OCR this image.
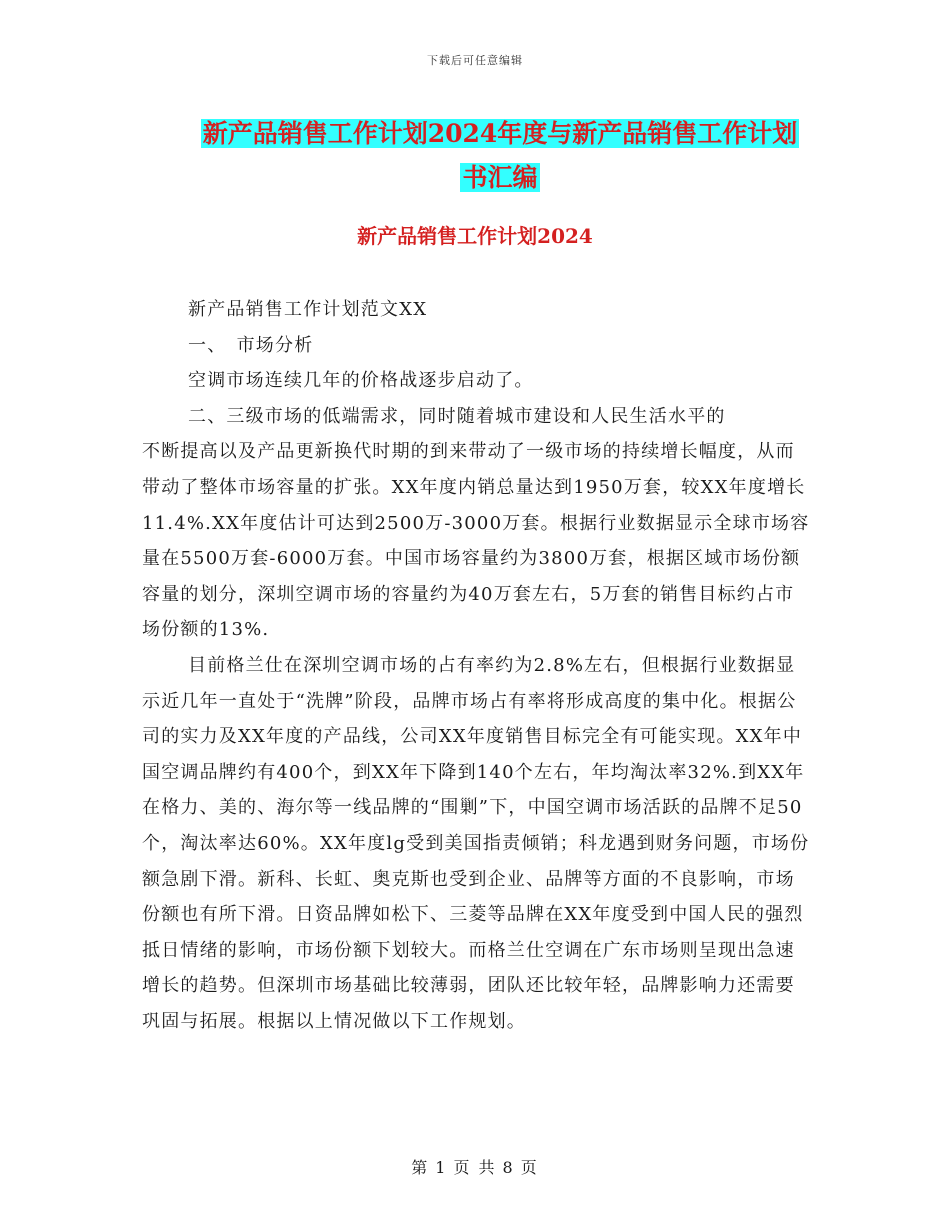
下载后可任意编辑
新产品销售工作计划2024年度与新产品销售工作计划
书汇编
新产品销售工作计划2024

新产品销售工作计划范文XX

一、　市场分析

空调市场连续几年的价格战逐步启动了。

二、三级市场的低端需求，同时随着城市建设和人民生活水平的

不断提高以及产品更新换代时期的到来带动了一级市场的持续增长幅度，从而带动了整体市场容量的扩张。XX年度内销总量达到1950万套，较XX年度增长11.4%.XX年度估计可达到2500万-3000万套。根据行业数据显示全球市场容量在5500万套-6000万套。中国市场容量约为3800万套，根据区域市场份额容量的划分，深圳空调市场的容量约为40万套左右，5万套的销售目标约占市场份额的13%.

目前格兰仕在深圳空调市场的占有率约为2.8%左右，但根据行业数据显示近几年一直处于“洗牌”阶段，品牌市场占有率将形成高度的集中化。根据公司的实力及XX年度的产品线，公司XX年度销售目标完全有可能实现。XX年中国空调品牌约有400个，到XX年下降到140个左右，年均淘汰率32%.到XX年在格力、美的、海尔等一线品牌的“围剿”下，中国空调市场活跃的品牌不足50个，淘汰率达60%。XX年度lg受到美国指责倾销；科龙遇到财务问题，市场份额急剧下滑。新科、长虹、奥克斯也受到企业、品牌等方面的不良影响，市场份额也有所下滑。日资品牌如松下、三菱等品牌在XX年度受到中国人民的强烈抵日情绪的影响，市场份额下划较大。而格兰仕空调在广东市场则呈现出急速增长的趋势。但深圳市场基础比较薄弱，团队还比较年轻，品牌影响力还需要巩固与拓展。根据以上情况做以下工作规划。

第 1 页 共 8 页
